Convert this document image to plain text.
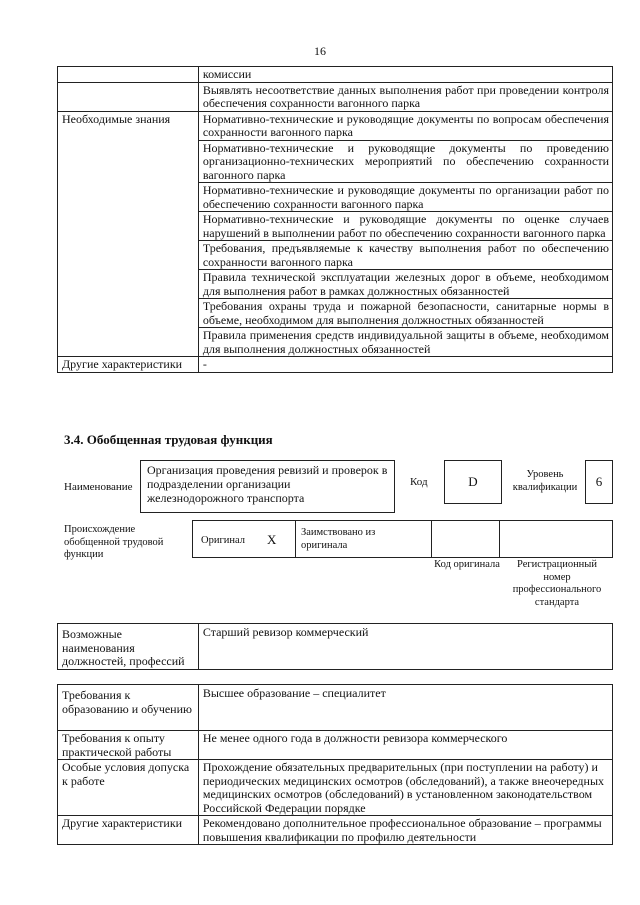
16
	комиссии
	Выявлять несоответствие данных выполнения работ при проведении контроля обеспечения сохранности вагонного парка
Необходимые знания	Нормативно-технические и руководящие документы по вопросам обеспечения сохранности вагонного парка
	Нормативно-технические и руководящие документы по проведению организационно-технических мероприятий по обеспечению сохранности вагонного парка
	Нормативно-технические и руководящие документы по организации работ по обеспечению сохранности вагонного парка
	Нормативно-технические и руководящие документы по оценке случаев нарушений в выполнении работ по обеспечению сохранности вагонного парка
	Требования, предъявляемые к качеству выполнения работ по обеспечению сохранности вагонного парка
	Правила технической эксплуатации железных дорог в объеме, необходимом для выполнения работ в рамках должностных обязанностей
	Требования охраны труда и пожарной безопасности, санитарные нормы в объеме, необходимом для выполнения должностных обязанностей
	Правила применения средств индивидуальной защиты в объеме, необходимом для выполнения должностных обязанностей
Другие характеристики	-
3.4. Обобщенная трудовая функция
Наименование
Организация проведения ревизий и проверок в подразделении организации железнодорожного транспорта
Код	D	Уровень квалификации	6
Происхождение обобщенной трудовой функции
Оригинал X Заимствовано из оригинала
Код оригинала	Регистрационный номер профессионального стандарта
Возможные наименования должностей, профессий	Старший ревизор коммерческий
Требования к образованию и обучению	Высшее образование – специалитет
Требования к опыту практической работы	Не менее одного года в должности ревизора коммерческого
Особые условия допуска к работе	Прохождение обязательных предварительных (при поступлении на работу) и периодических медицинских осмотров (обследований), а также внеочередных медицинских осмотров (обследований) в установленном законодательством Российской Федерации порядке
Другие характеристики	Рекомендовано дополнительное профессиональное образование – программы повышения квалификации по профилю деятельности
